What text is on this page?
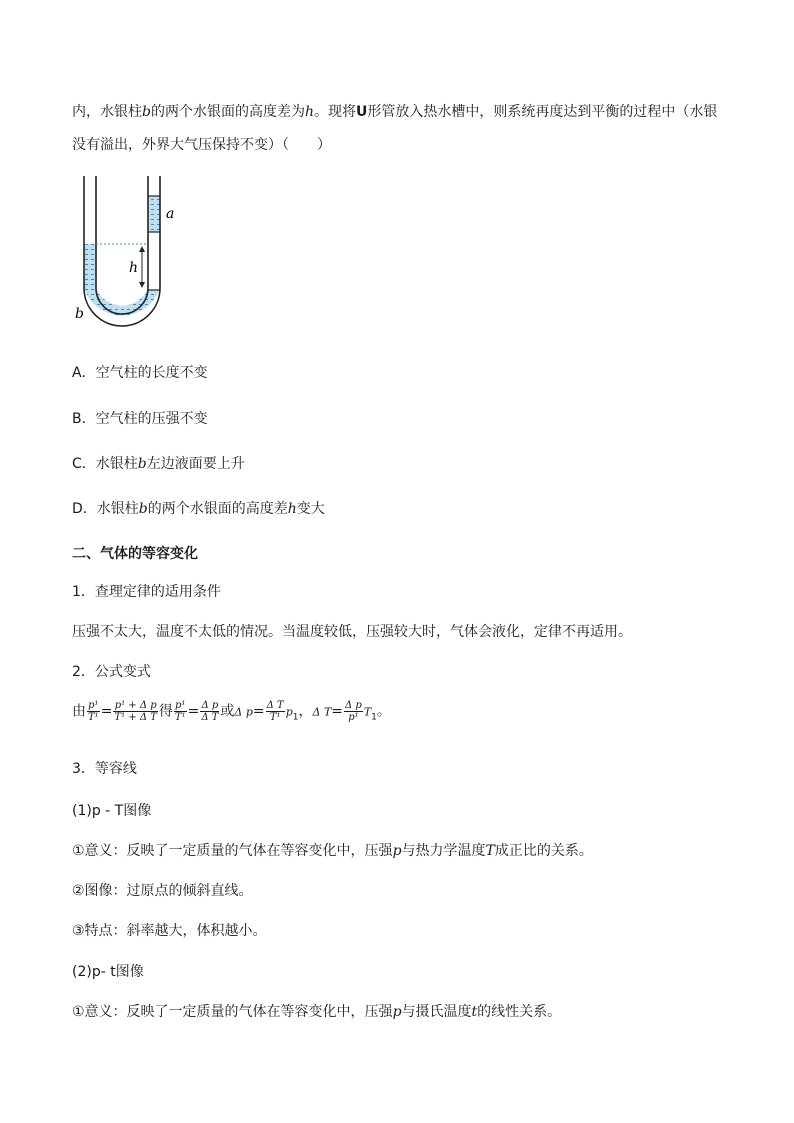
内，水银柱b的两个水银面的高度差为h。现将U形管放入热水槽中，则系统再度达到平衡的过程中（水银
没有溢出，外界大气压保持不变）（　　）
h
a
b
A．空气柱的长度不变
B．空气柱的压强不变
C．水银柱b左边液面要上升
D．水银柱b的两个水银面的高度差h变大
二、气体的等容变化
1．查理定律的适用条件
压强不太大，温度不太低的情况。当温度较低，压强较大时，气体会液化，定律不再适用。
2．公式变式
由 $\frac{\text{p¹}}{\text{T¹}} = \frac{\text{p¹ + Δ p}}{\text{T¹ + Δ T}}$ 得 $\frac{\text{p¹}}{\text{T¹}} = \frac{\text{Δ p}}{\text{Δ T}}$ 或Δ $p= \frac{\text{Δ T}}{\text{T¹}} p_1$，Δ $T= \frac{\text{Δ p}}{\text{p¹}} T_1$。
3．等容线
(1)p - T图像
①意义：反映了一定质量的气体在等容变化中，压强p与热力学温度T成正比的关系。
②图像：过原点的倾斜直线。
③特点：斜率越大，体积越小。
(2)p- t图像
①意义：反映了一定质量的气体在等容变化中，压强p与摄氏温度t的线性关系。
